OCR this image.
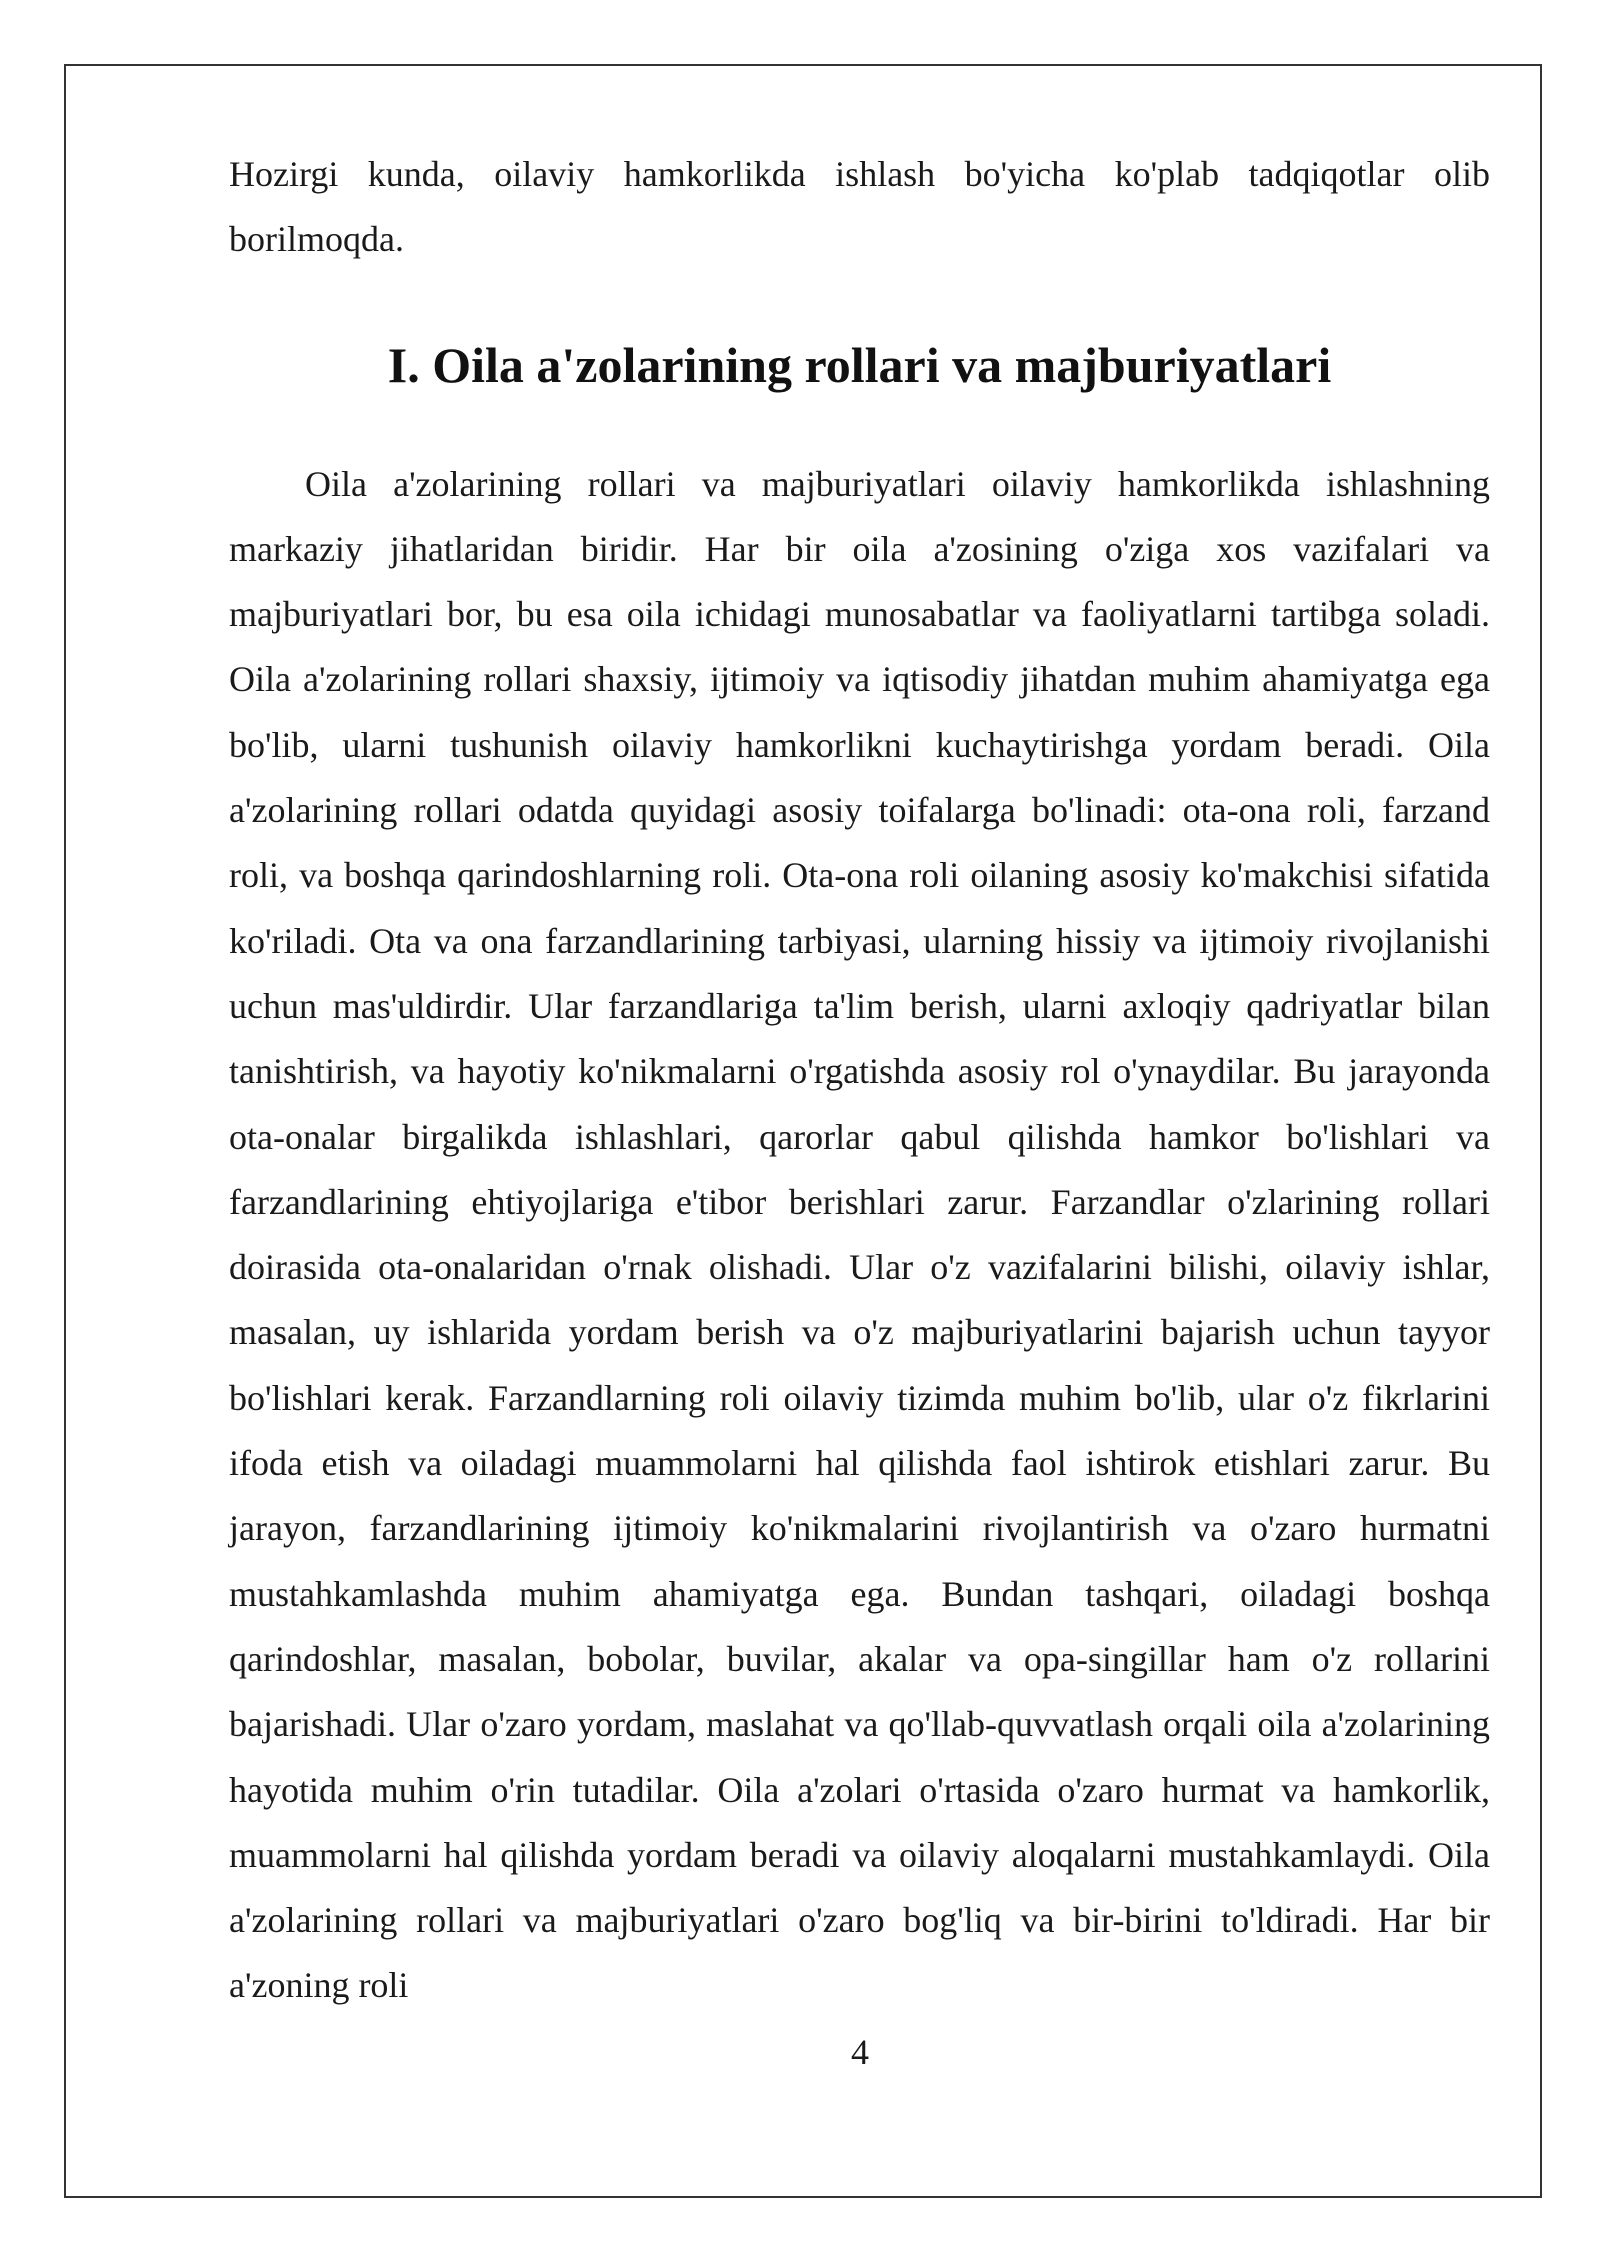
Hozirgi kunda, oilaviy hamkorlikda ishlash bo'yicha ko'plab tadqiqotlar olib borilmoqda.

I. Oila a'zolarining rollari va majburiyatlari

Oila a'zolarining rollari va majburiyatlari oilaviy hamkorlikda ishlashning markaziy jihatlaridan biridir. Har bir oila a'zosining o'ziga xos vazifalari va majburiyatlari bor, bu esa oila ichidagi munosabatlar va faoliyatlarni tartibga soladi. Oila a'zolarining rollari shaxsiy, ijtimoiy va iqtisodiy jihatdan muhim ahamiyatga ega bo'lib, ularni tushunish oilaviy hamkorlikni kuchaytirishga yordam beradi. Oila a'zolarining rollari odatda quyidagi asosiy toifalarga bo'linadi: ota-ona roli, farzand roli, va boshqa qarindoshlarning roli. Ota-ona roli oilaning asosiy ko'makchisi sifatida ko'riladi. Ota va ona farzandlarining tarbiyasi, ularning hissiy va ijtimoiy rivojlanishi uchun mas'uldirdir. Ular farzandlariga ta'lim berish, ularni axloqiy qadriyatlar bilan tanishtirish, va hayotiy ko'nikmalarni o'rgatishda asosiy rol o'ynaydilar. Bu jarayonda ota-onalar birgalikda ishlashlari, qarorlar qabul qilishda hamkor bo'lishlari va farzandlarining ehtiyojlariga e'tibor berishlari zarur. Farzandlar o'zlarining rollari doirasida ota-onalaridan o'rnak olishadi. Ular o'z vazifalarini bilishi, oilaviy ishlar, masalan, uy ishlarida yordam berish va o'z majburiyatlarini bajarish uchun tayyor bo'lishlari kerak. Farzandlarning roli oilaviy tizimda muhim bo'lib, ular o'z fikrlarini ifoda etish va oiladagi muammolarni hal qilishda faol ishtirok etishlari zarur. Bu jarayon, farzandlarining ijtimoiy ko'nikmalarini rivojlantirish va o'zaro hurmatni mustahkamlashda muhim ahamiyatga ega. Bundan tashqari, oiladagi boshqa qarindoshlar, masalan, bobolar, buvilar, akalar va opa-singillar ham o'z rollarini bajarishadi. Ular o'zaro yordam, maslahat va qo'llab-quvvatlash orqali oila a'zolarining hayotida muhim o'rin tutadilar. Oila a'zolari o'rtasida o'zaro hurmat va hamkorlik, muammolarni hal qilishda yordam beradi va oilaviy aloqalarni mustahkamlaydi. Oila a'zolarining rollari va majburiyatlari o'zaro bog'liq va bir-birini to'ldiradi. Har bir a'zoning roli

4
